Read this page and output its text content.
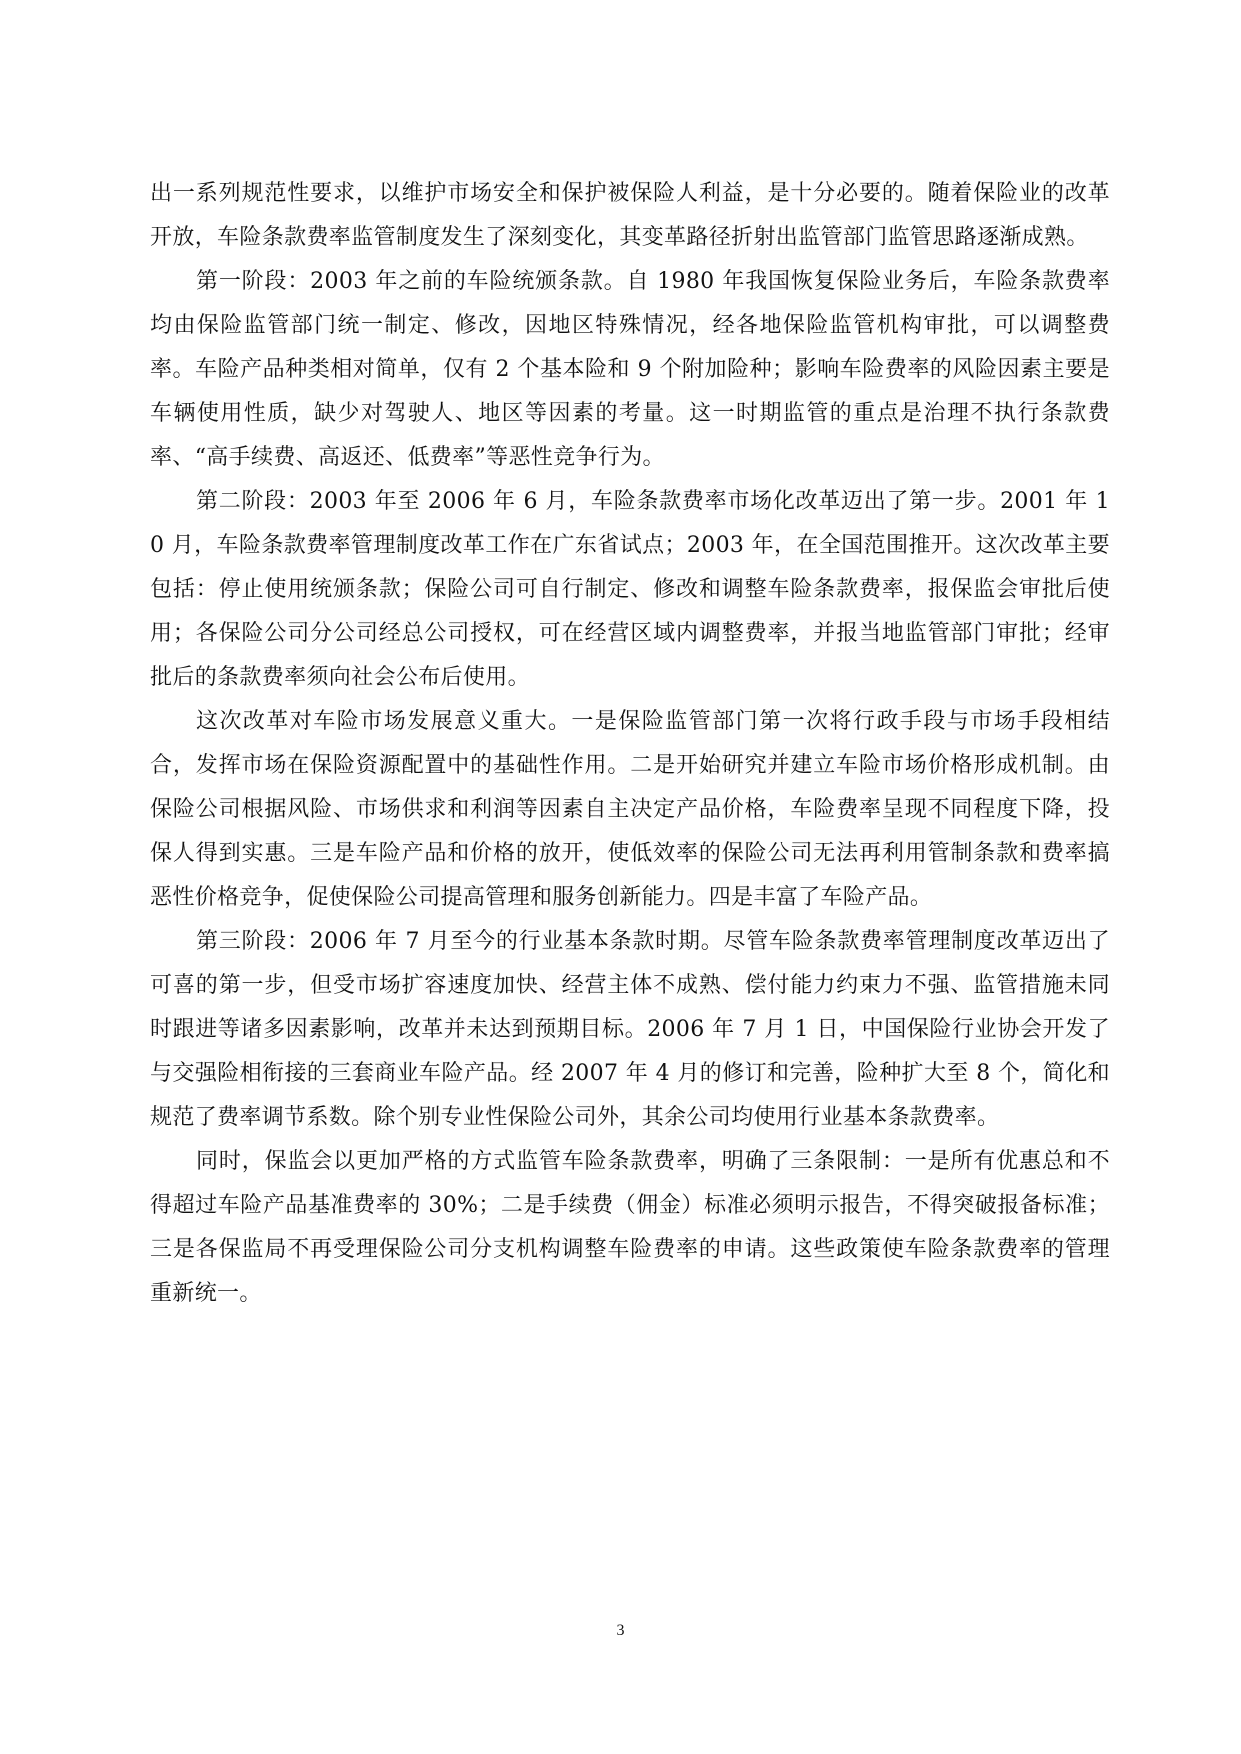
出一系列规范性要求，以维护市场安全和保护被保险人利益，是十分必要的。随着保险业的改革开放，车险条款费率监管制度发生了深刻变化，其变革路径折射出监管部门监管思路逐渐成熟。

第一阶段：2003 年之前的车险统颁条款。自 1980 年我国恢复保险业务后，车险条款费率均由保险监管部门统一制定、修改，因地区特殊情况，经各地保险监管机构审批，可以调整费率。车险产品种类相对简单，仅有 2 个基本险和 9 个附加险种；影响车险费率的风险因素主要是车辆使用性质，缺少对驾驶人、地区等因素的考量。这一时期监管的重点是治理不执行条款费率、“高手续费、高返还、低费率”等恶性竞争行为。

第二阶段：2003 年至 2006 年 6 月，车险条款费率市场化改革迈出了第一步。2001 年 10 月，车险条款费率管理制度改革工作在广东省试点；2003 年，在全国范围推开。这次改革主要包括：停止使用统颁条款；保险公司可自行制定、修改和调整车险条款费率，报保监会审批后使用；各保险公司分公司经总公司授权，可在经营区域内调整费率，并报当地监管部门审批；经审批后的条款费率须向社会公布后使用。

这次改革对车险市场发展意义重大。一是保险监管部门第一次将行政手段与市场手段相结合，发挥市场在保险资源配置中的基础性作用。二是开始研究并建立车险市场价格形成机制。由保险公司根据风险、市场供求和利润等因素自主决定产品价格，车险费率呈现不同程度下降，投保人得到实惠。三是车险产品和价格的放开，使低效率的保险公司无法再利用管制条款和费率搞恶性价格竞争，促使保险公司提高管理和服务创新能力。四是丰富了车险产品。

第三阶段：2006 年 7 月至今的行业基本条款时期。尽管车险条款费率管理制度改革迈出了可喜的第一步，但受市场扩容速度加快、经营主体不成熟、偿付能力约束力不强、监管措施未同时跟进等诸多因素影响，改革并未达到预期目标。2006 年 7 月 1 日，中国保险行业协会开发了与交强险相衔接的三套商业车险产品。经 2007 年 4 月的修订和完善，险种扩大至 8 个，简化和规范了费率调节系数。除个别专业性保险公司外，其余公司均使用行业基本条款费率。

同时，保监会以更加严格的方式监管车险条款费率，明确了三条限制：一是所有优惠总和不得超过车险产品基准费率的 30%；二是手续费（佣金）标准必须明示报告，不得突破报备标准；三是各保监局不再受理保险公司分支机构调整车险费率的申请。这些政策使车险条款费率的管理重新统一。

3
